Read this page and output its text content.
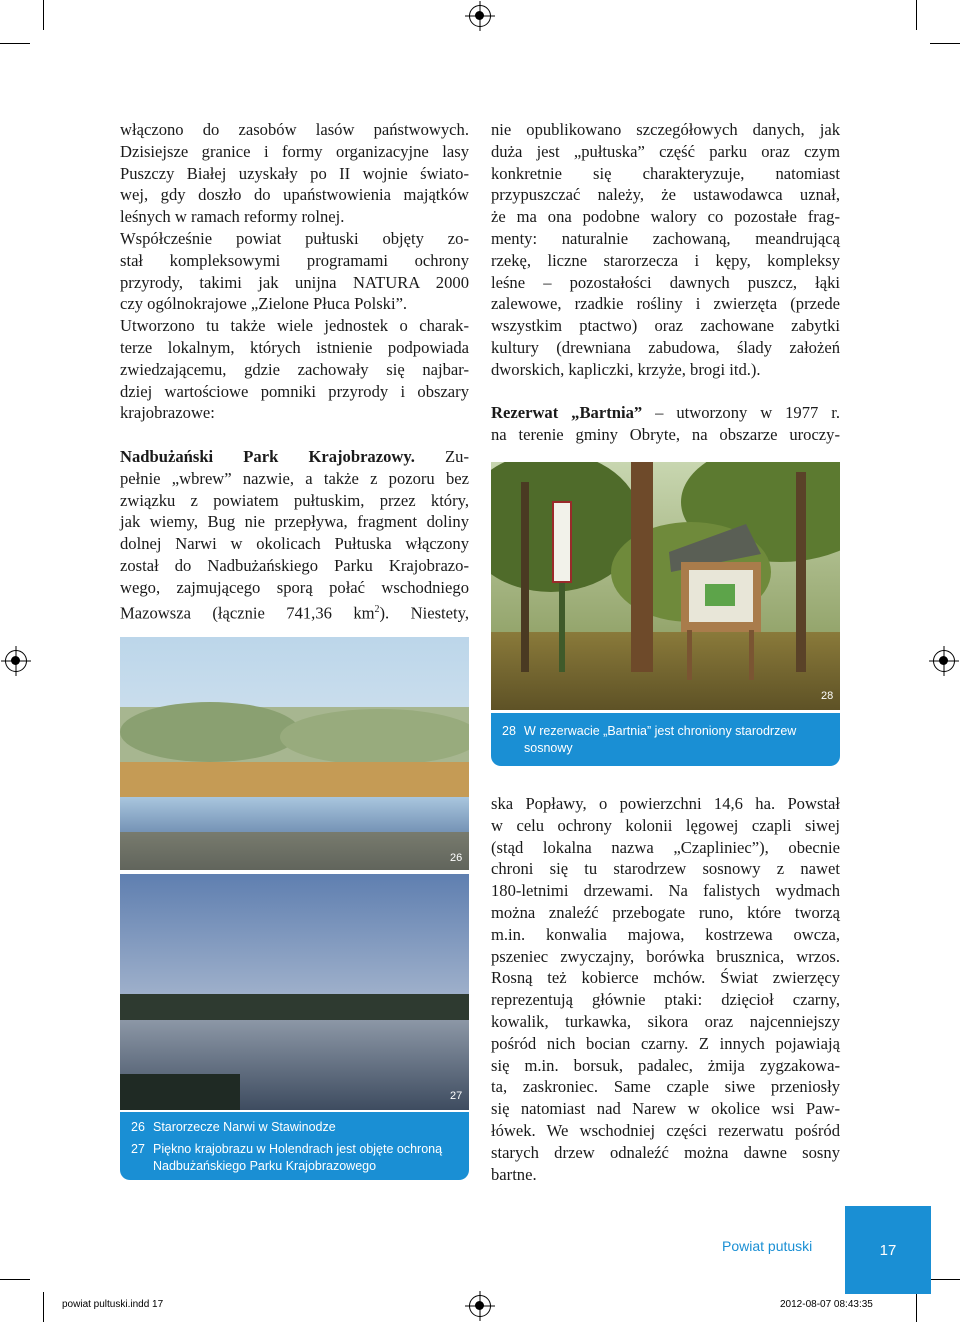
włączono do zasobów lasów państwowych.

Dzisiejsze granice i formy organizacyjne lasy

Puszczy Białej uzyskały po II wojnie świato-

wej, gdy doszło do upaństwowienia majątków

leśnych w ramach reformy rolnej.

Współcześnie powiat pułtuski objęty zo-

stał kompleksowymi programami ochrony

przyrody, takimi jak unijna NATURA 2000

czy ogólnokrajowe „Zielone Płuca Polski”.

Utworzono tu także wiele jednostek o charak-

terze lokalnym, których istnienie podpowiada

zwiedzającemu, gdzie zachowały się najbar-

dziej wartościowe pomniki przyrody i obszary

krajobrazowe:

Nadbużański Park Krajobrazowy. Zu-

pełnie „wbrew” nazwie, a także z pozoru bez

związku z powiatem pułtuskim, przez który,

jak wiemy, Bug nie przepływa, fragment doliny

dolnej Narwi w okolicach Pułtuska włączony

został do Nadbużańskiego Parku Krajobrazo-

wego, zajmującego sporą połać wschodniego

Mazowsza (łącznie 741,36 $km^2$). Niestety,

nie opublikowano szczegółowych danych, jak

duża jest „pułtuska” część parku oraz czym

konkretnie się charakteryzuje, natomiast

przypuszczać należy, że ustawodawca uznał,

że ma ona podobne walory co pozostałe frag-

menty: naturalnie zachowaną, meandrującą

rzekę, liczne starorzecza i kępy, kompleksy

leśne – pozostałości dawnych puszcz, łąki

zalewowe, rzadkie rośliny i zwierzęta (przede

wszystkim ptactwo) oraz zachowane zabytki

kultury (drewniana zabudowa, ślady założeń

dworskich, kapliczki, krzyże, brogi itd.).

Rezerwat „Bartnia” – utworzony w 1977 r.

na terenie gminy Obryte, na obszarze uroczy-

28
28 W rezerwacie „Bartnia” jest chroniony starodrzew sosnowy
26
27
26 Starorzecze Narwi w Stawinodze
27 Piękno krajobrazu w Holendrach jest objęte ochroną Nadbużańskiego Parku Krajobrazowego

ska Popławy, o powierzchni 14,6 ha. Powstał

w celu ochrony kolonii lęgowej czapli siwej

(stąd lokalna nazwa „Czapliniec”), obecnie

chroni się tu starodrzew sosnowy z nawet

180-letnimi drzewami. Na falistych wydmach

można znaleźć przebogate runo, które tworzą

m.in. konwalia majowa, kostrzewa owcza,

pszeniec zwyczajny, borówka brusznica, wrzos.

Rosną też kobierce mchów. Świat zwierzęcy

reprezentują głównie ptaki: dzięcioł czarny,

kowalik, turkawka, sikora oraz najcenniejszy

pośród nich bocian czarny. Z innych pojawiają

się m.in. borsuk, padalec, żmija zygzakowa-

ta, zaskroniec. Same czaple siwe przeniosły

się natomiast nad Narew w okolice wsi Paw-

łówek. We wschodniej części rezerwatu pośród

starych drzew odnaleźć można dawne sosny

bartne.

Powiat putuski	17
powiat pultuski.indd 17	2012-08-07 08:43:35
